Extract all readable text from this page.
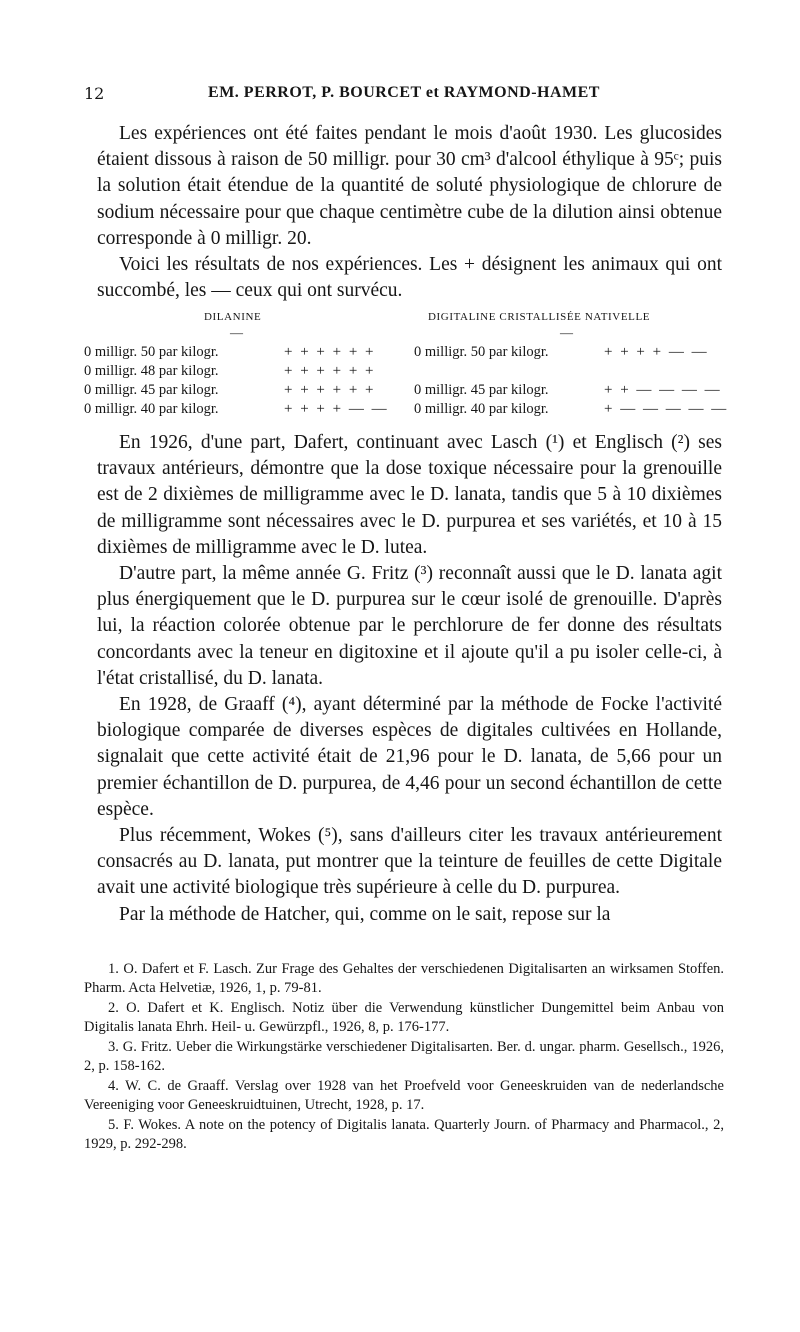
12	EM. PERROT, P. BOURCET et RAYMOND-HAMET

Les expériences ont été faites pendant le mois d'août 1930. Les glucosides étaient dissous à raison de 50 milligr. pour 30 cm³ d'alcool éthylique à 95ᶜ; puis la solution était étendue de la quantité de soluté physiologique de chlorure de sodium nécessaire pour que chaque centimètre cube de la dilution ainsi obtenue corresponde à 0 milligr. 20.

Voici les résultats de nos expériences. Les + désignent les animaux qui ont succombé, les — ceux qui ont survécu.

DILANINE	DIGITALINE CRISTALLISÉE NATIVELLE
—	—
0 milligr. 50 par kilogr.	+ + + + + +	0 milligr. 50 par kilogr.	+ + + + — —
0 milligr. 48 par kilogr.	+ + + + + +
0 milligr. 45 par kilogr.	+ + + + + +	0 milligr. 45 par kilogr.	+ + — — — —
0 milligr. 40 par kilogr.	+ + + + — — 0 milligr. 40 par kilogr.	+ — — — — —

En 1926, d'une part, Dafert, continuant avec Lasch (¹) et Englisch (²) ses travaux antérieurs, démontre que la dose toxique nécessaire pour la grenouille est de 2 dixièmes de milligramme avec le D. lanata, tandis que 5 à 10 dixièmes de milligramme sont nécessaires avec le D. purpurea et ses variétés, et 10 à 15 dixièmes de milligramme avec le D. lutea.

D'autre part, la même année G. Fritz (³) reconnaît aussi que le D. lanata agit plus énergiquement que le D. purpurea sur le cœur isolé de grenouille. D'après lui, la réaction colorée obtenue par le perchlorure de fer donne des résultats concordants avec la teneur en digitoxine et il ajoute qu'il a pu isoler celle-ci, à l'état cristallisé, du D. lanata.

En 1928, de Graaff (⁴), ayant déterminé par la méthode de Focke l'activité biologique comparée de diverses espèces de digitales cultivées en Hollande, signalait que cette activité était de 21,96 pour le D. lanata, de 5,66 pour un premier échantillon de D. purpurea, de 4,46 pour un second échantillon de cette espèce.

Plus récemment, Wokes (⁵), sans d'ailleurs citer les travaux antérieurement consacrés au D. lanata, put montrer que la teinture de feuilles de cette Digitale avait une activité biologique très supérieure à celle du D. purpurea.

Par la méthode de Hatcher, qui, comme on le sait, repose sur la

1. O. Dafert et F. Lasch. Zur Frage des Gehaltes der verschiedenen Digitalisarten an wirksamen Stoffen. Pharm. Acta Helvetiæ, 1926, 1, p. 79-81.
2. O. Dafert et K. Englisch. Notiz über die Verwendung künstlicher Dungemittel beim Anbau von Digitalis lanata Ehrh. Heil- u. Gewürzpfl., 1926, 8, p. 176-177.
3. G. Fritz. Ueber die Wirkungstärke verschiedener Digitalisarten. Ber. d. ungar. pharm. Gesellsch., 1926, 2, p. 158-162.
4. W. C. de Graaff. Verslag over 1928 van het Proefveld voor Geneeskruiden van de nederlandsche Vereeniging voor Geneeskruidtuinen, Utrecht, 1928, p. 17.
5. F. Wokes. A note on the potency of Digitalis lanata. Quarterly Journ. of Pharmacy and Pharmacol., 2, 1929, p. 292-298.
